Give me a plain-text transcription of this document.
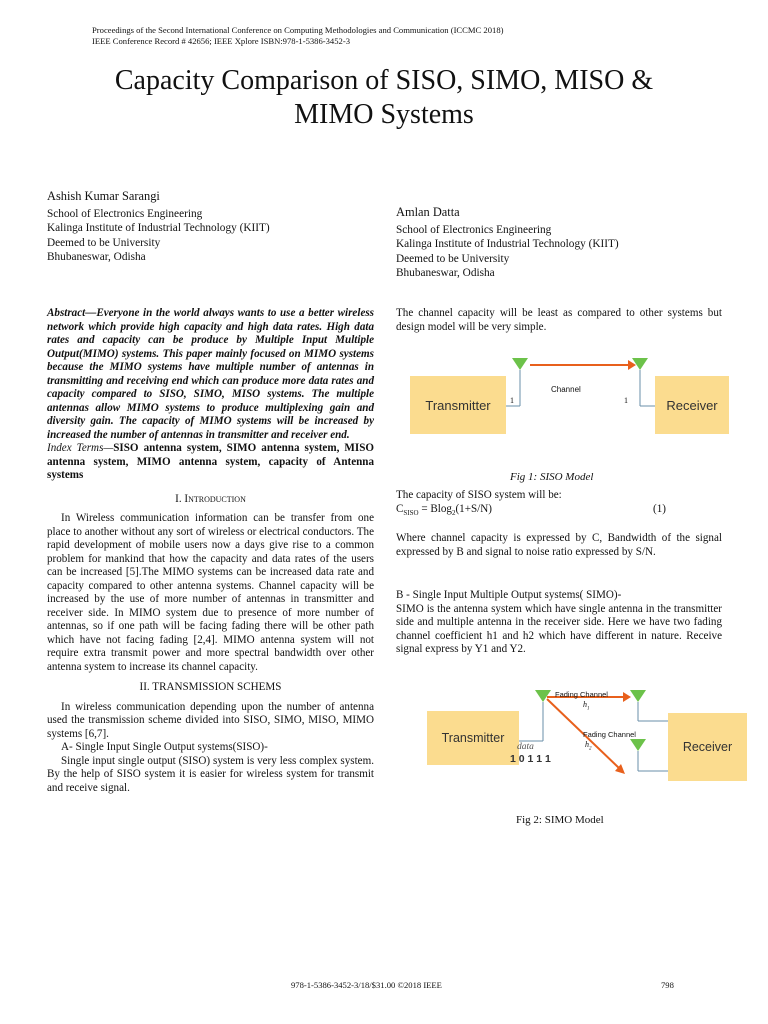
Proceedings of the Second International Conference on Computing Methodologies and Communication (ICCMC 2018)
IEEE Conference Record # 42656; IEEE Xplore ISBN:978-1-5386-3452-3
Capacity Comparison of SISO, SIMO, MISO &
MIMO Systems
Ashish Kumar Sarangi
School of Electronics Engineering
Kalinga Institute of Industrial Technology (KIIT)
Deemed to be University
Bhubaneswar, Odisha
Amlan Datta
School of Electronics Engineering
Kalinga Institute of Industrial Technology (KIIT)
Deemed to be University
Bhubaneswar, Odisha

Abstract—Everyone in the world always wants to use a better wireless network which provide high capacity and high data rates. High data rates and capacity can be produce by Multiple Input Multiple Output(MIMO) systems. This paper mainly focused on MIMO systems because the MIMO systems have multiple number of antennas in transmitting and receiving end which can produce more data rates and capacity compared to SISO, SIMO, MISO systems. The multiple antennas allow MIMO systems to produce multiplexing gain and diversity gain. The capacity of MIMO systems will be increased by increased the number of antennas in transmitter and receiver end.

Index Terms—SISO antenna system, SIMO antenna system, MISO antenna system, MIMO antenna system, capacity of Antenna systems

I. Introduction

In Wireless communication information can be transfer from one place to another without any sort of wireless or electrical conductors. The rapid development of mobile users now a days give rise to a common problem for mankind that how the capacity and data rates of the users can be increased [5].The MIMO systems can be increased data rate and capacity compared to other antenna systems. Channel capacity will be increased by the use of more number of antennas in transmitter and receiver side. In MIMO system due to presence of more number of antennas, so if one path will be facing fading there will be other path which have not facing fading [2,4]. MIMO antenna system will not require extra transmit power and more spectral bandwidth over other antenna system to increase its channel capacity.

II. TRANSMISSION SCHEMS

In wireless communication depending upon the number of antenna used the transmission scheme divided into SISO, SIMO, MISO, MIMO systems [6,7].

A- Single Input Single Output systems(SISO)-

Single input single output (SISO) system is very less complex system. By the help of SISO system it is easier for wireless system for transmit and receive signal.

The channel capacity will be least as compared to other systems but design model will be very simple.

Transmitter	Receiver
Channel
1	1
Fig 1: SISO Model

The capacity of SISO system will be:

$C_{SISO} = Blog_2(1+S/N)$	(1)

Where channel capacity is expressed by C, Bandwidth of the signal expressed by B and signal to noise ratio expressed by S/N.

B - Single Input Multiple Output systems( SIMO)-

SIMO is the antenna system which have single antenna in the transmitter side and multiple antenna in the receiver side. Here we have two fading channel coefficient h1 and h2 which have different in nature. Receive signal express by Y1 and Y2.

Transmitter
Receiver
Fading Channel
$h_1$
Fading Channel
$h_2$
data
1 0 1 1 1
Fig 2: SIMO Model
978-1-5386-3452-3/18/$31.00 ©2018 IEEE	798
